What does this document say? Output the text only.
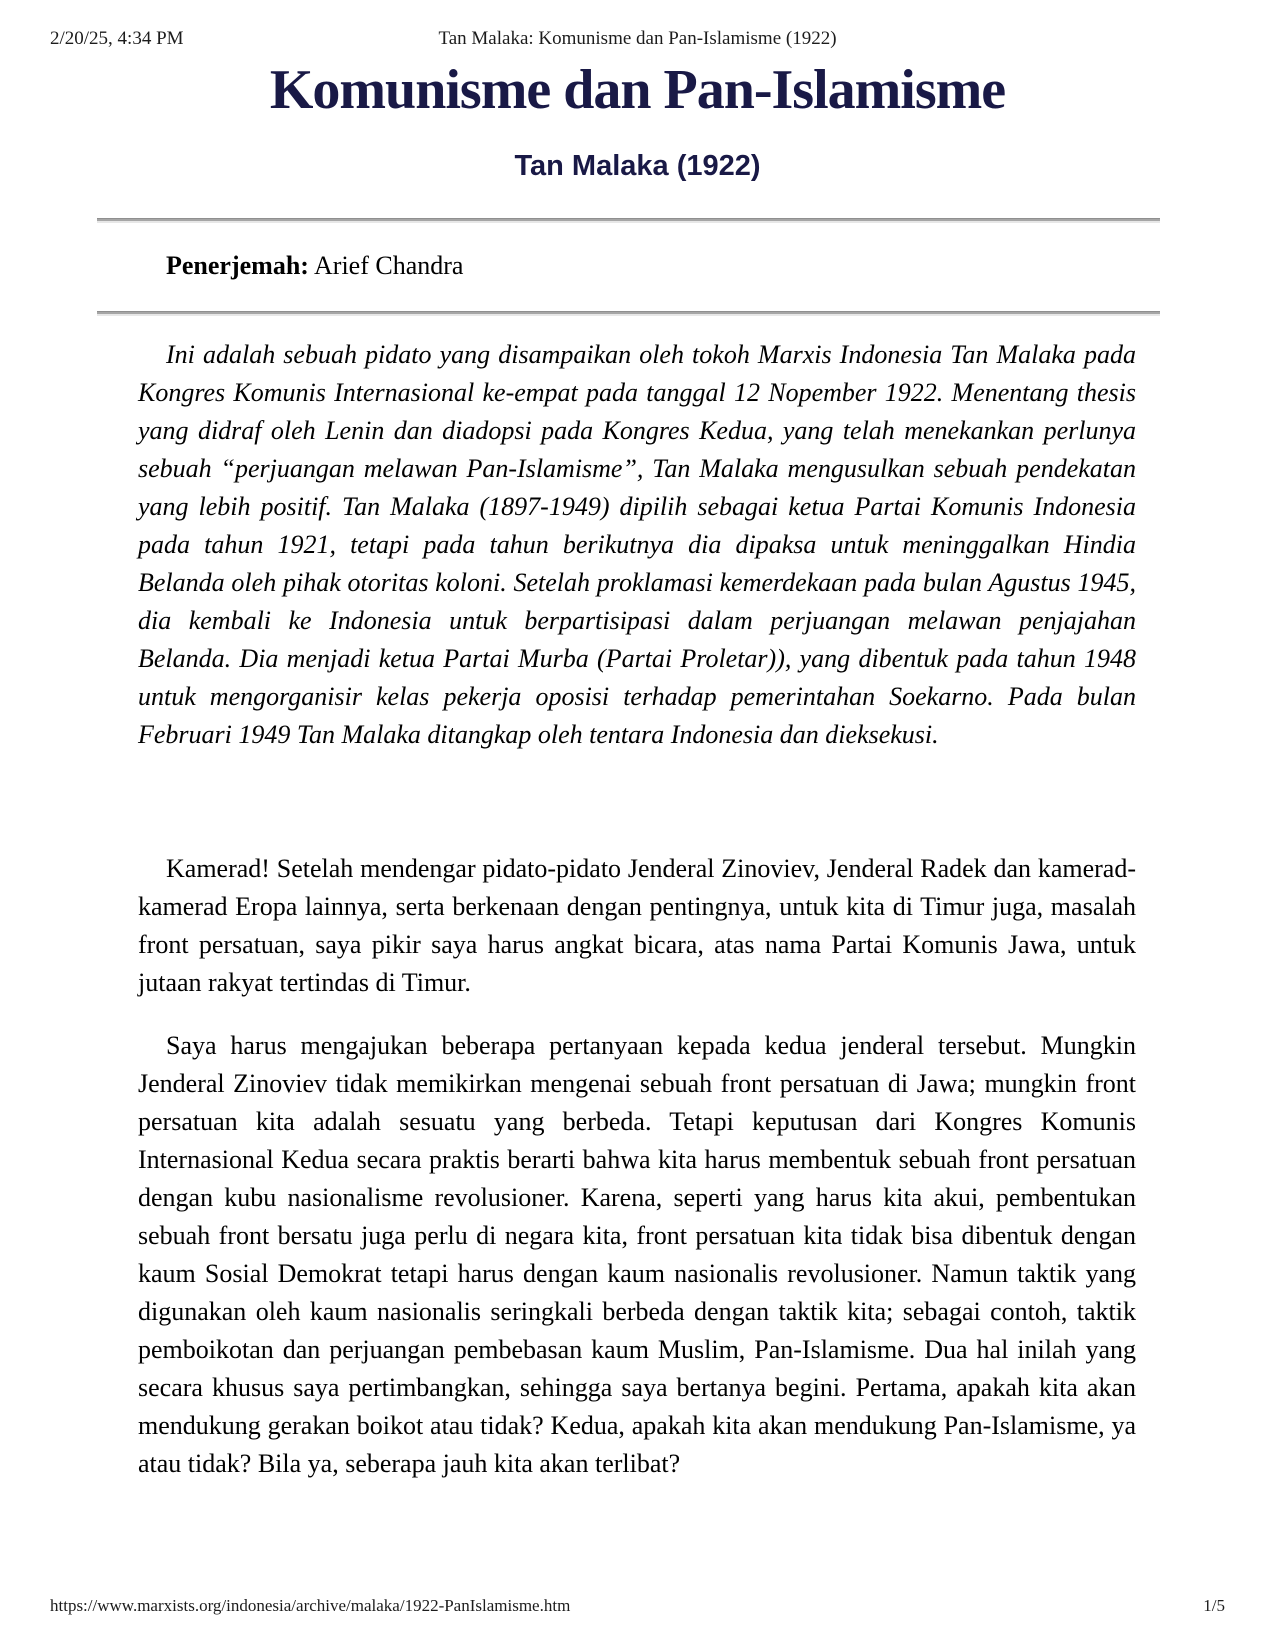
2/20/25, 4:34 PM	Tan Malaka: Komunisme dan Pan-Islamisme (1922)
Komunisme dan Pan-Islamisme
Tan Malaka (1922)

Penerjemah: Arief Chandra

Ini adalah sebuah pidato yang disampaikan oleh tokoh Marxis Indonesia Tan Malaka pada Kongres Komunis Internasional ke-empat pada tanggal 12 Nopember 1922. Menentang thesis yang didraf oleh Lenin dan diadopsi pada Kongres Kedua, yang telah menekankan perlunya sebuah “perjuangan melawan Pan-Islamisme”, Tan Malaka mengusulkan sebuah pendekatan yang lebih positif. Tan Malaka (1897-1949) dipilih sebagai ketua Partai Komunis Indonesia pada tahun 1921, tetapi pada tahun berikutnya dia dipaksa untuk meninggalkan Hindia Belanda oleh pihak otoritas koloni. Setelah proklamasi kemerdekaan pada bulan Agustus 1945, dia kembali ke Indonesia untuk berpartisipasi dalam perjuangan melawan penjajahan Belanda. Dia menjadi ketua Partai Murba (Partai Proletar)), yang dibentuk pada tahun 1948 untuk mengorganisir kelas pekerja oposisi terhadap pemerintahan Soekarno. Pada bulan Februari 1949 Tan Malaka ditangkap oleh tentara Indonesia dan dieksekusi.

Kamerad! Setelah mendengar pidato-pidato Jenderal Zinoviev, Jenderal Radek dan kamerad-kamerad Eropa lainnya, serta berkenaan dengan pentingnya, untuk kita di Timur juga, masalah front persatuan, saya pikir saya harus angkat bicara, atas nama Partai Komunis Jawa, untuk jutaan rakyat tertindas di Timur.

Saya harus mengajukan beberapa pertanyaan kepada kedua jenderal tersebut. Mungkin Jenderal Zinoviev tidak memikirkan mengenai sebuah front persatuan di Jawa; mungkin front persatuan kita adalah sesuatu yang berbeda. Tetapi keputusan dari Kongres Komunis Internasional Kedua secara praktis berarti bahwa kita harus membentuk sebuah front persatuan dengan kubu nasionalisme revolusioner. Karena, seperti yang harus kita akui, pembentukan sebuah front bersatu juga perlu di negara kita, front persatuan kita tidak bisa dibentuk dengan kaum Sosial Demokrat tetapi harus dengan kaum nasionalis revolusioner. Namun taktik yang digunakan oleh kaum nasionalis seringkali berbeda dengan taktik kita; sebagai contoh, taktik pemboikotan dan perjuangan pembebasan kaum Muslim, Pan-Islamisme. Dua hal inilah yang secara khusus saya pertimbangkan, sehingga saya bertanya begini. Pertama, apakah kita akan mendukung gerakan boikot atau tidak? Kedua, apakah kita akan mendukung Pan-Islamisme, ya atau tidak? Bila ya, seberapa jauh kita akan terlibat?

https://www.marxists.org/indonesia/archive/malaka/1922-PanIslamisme.htm	1/5
